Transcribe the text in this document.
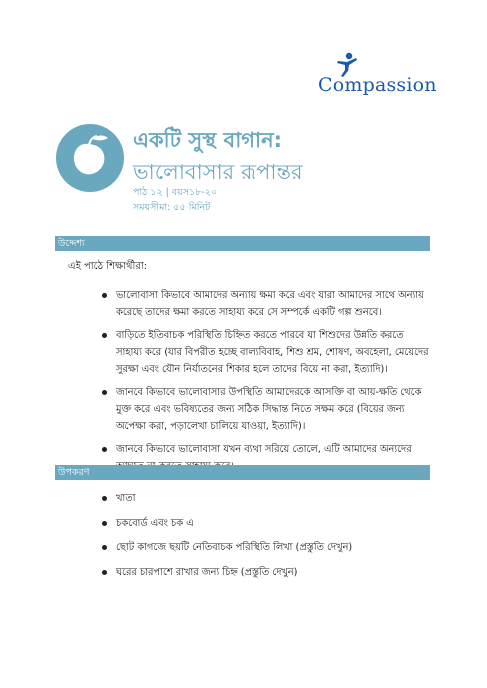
Compassion
একটি সুস্থ বাগান:
ভালোবাসার রূপান্তর
পাঠ ১২ | বয়স১৮-২০
সময়সীমা: ৫৫ মিনিট
উদ্দেশ্য
এই পাঠে শিক্ষার্থীরা:
ভালোবাসা কিভাবে আমাদের অন্যায় ক্ষমা করে এবং যারা আমাদের সাথে অন্যায় করেছে তাদের ক্ষমা করতে সাহায্য করে সে সম্পর্কে একটি গল্প শুনবে।
বাড়িতে ইতিবাচক পরিস্থিতি চিহ্নিত করতে পারবে যা শিশুদের উন্নতি করতে সাহায্য করে (যার বিপরীত হচ্ছে বাল্যবিবাহ, শিশু শ্রম, শোষণ, অবহেলা, মেয়েদের সুরক্ষা এবং যৌন নির্যাতনের শিকার হলে তাদের বিয়ে না করা, ইত্যাদি)।
জানবে কিভাবে ভালোবাসার উপস্থিতি আমাদেরকে আসক্তি বা আয়-ক্ষতি থেকে মুক্ত করে এবং ভবিষ্যতের জন্য সঠিক সিদ্ধান্ত নিতে সক্ষম করে (বিয়ের জন্য অপেক্ষা করা, পড়ালেখা চালিয়ে যাওয়া, ইত্যাদি)।
জানবে কিভাবে ভালোবাসা যখন ব্যথা সরিয়ে তোলে, এটি আমাদের অন্যদের
উপকরণ
খাতা
চকবোর্ড এবং চক এ
ছোট কাগজে ছয়টি নেতিবাচক পরিস্থিতি লিখা (প্রস্তুতি দেখুন)
ঘরের চারপাশে রাখার জন্য চিহ্ন (প্রস্তুতি দেখুন)
